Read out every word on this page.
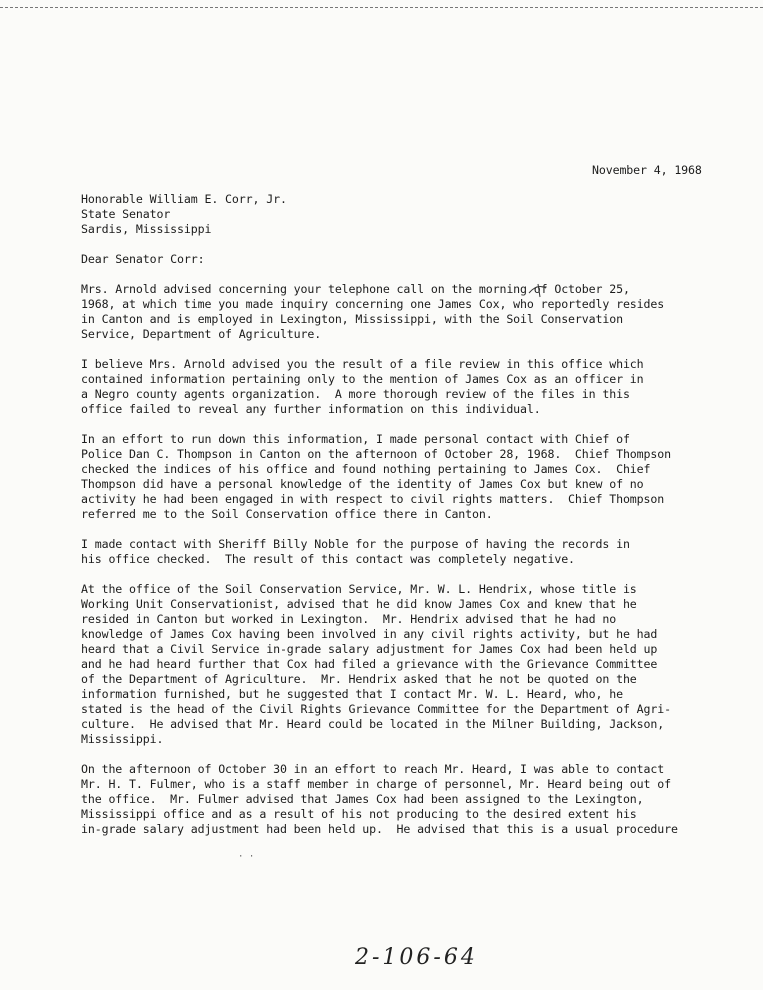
November 4, 1968
Honorable William E. Corr, Jr.
State Senator
Sardis, Mississippi
Dear Senator Corr:
Mrs. Arnold advised concerning your telephone call on the morning of October 25,
1968, at which time you made inquiry concerning one James Cox, who reportedly resides
in Canton and is employed in Lexington, Mississippi, with the Soil Conservation
Service, Department of Agriculture.
I believe Mrs. Arnold advised you the result of a file review in this office which
contained information pertaining only to the mention of James Cox as an officer in
a Negro county agents organization.  A more thorough review of the files in this
office failed to reveal any further information on this individual.
In an effort to run down this information, I made personal contact with Chief of
Police Dan C. Thompson in Canton on the afternoon of October 28, 1968.  Chief Thompson
checked the indices of his office and found nothing pertaining to James Cox.  Chief
Thompson did have a personal knowledge of the identity of James Cox but knew of no
activity he had been engaged in with respect to civil rights matters.  Chief Thompson
referred me to the Soil Conservation office there in Canton.
I made contact with Sheriff Billy Noble for the purpose of having the records in
his office checked.  The result of this contact was completely negative.
At the office of the Soil Conservation Service, Mr. W. L. Hendrix, whose title is
Working Unit Conservationist, advised that he did know James Cox and knew that he
resided in Canton but worked in Lexington.  Mr. Hendrix advised that he had no
knowledge of James Cox having been involved in any civil rights activity, but he had
heard that a Civil Service in-grade salary adjustment for James Cox had been held up
and he had heard further that Cox had filed a grievance with the Grievance Committee
of the Department of Agriculture.  Mr. Hendrix asked that he not be quoted on the
information furnished, but he suggested that I contact Mr. W. L. Heard, who, he
stated is the head of the Civil Rights Grievance Committee for the Department of Agri-
culture.  He advised that Mr. Heard could be located in the Milner Building, Jackson,
Mississippi.
On the afternoon of October 30 in an effort to reach Mr. Heard, I was able to contact
Mr. H. T. Fulmer, who is a staff member in charge of personnel, Mr. Heard being out of
the office.  Mr. Fulmer advised that James Cox had been assigned to the Lexington,
Mississippi office and as a result of his not producing to the desired extent his
in-grade salary adjustment had been held up.  He advised that this is a usual procedure
· ·
2-106-64
